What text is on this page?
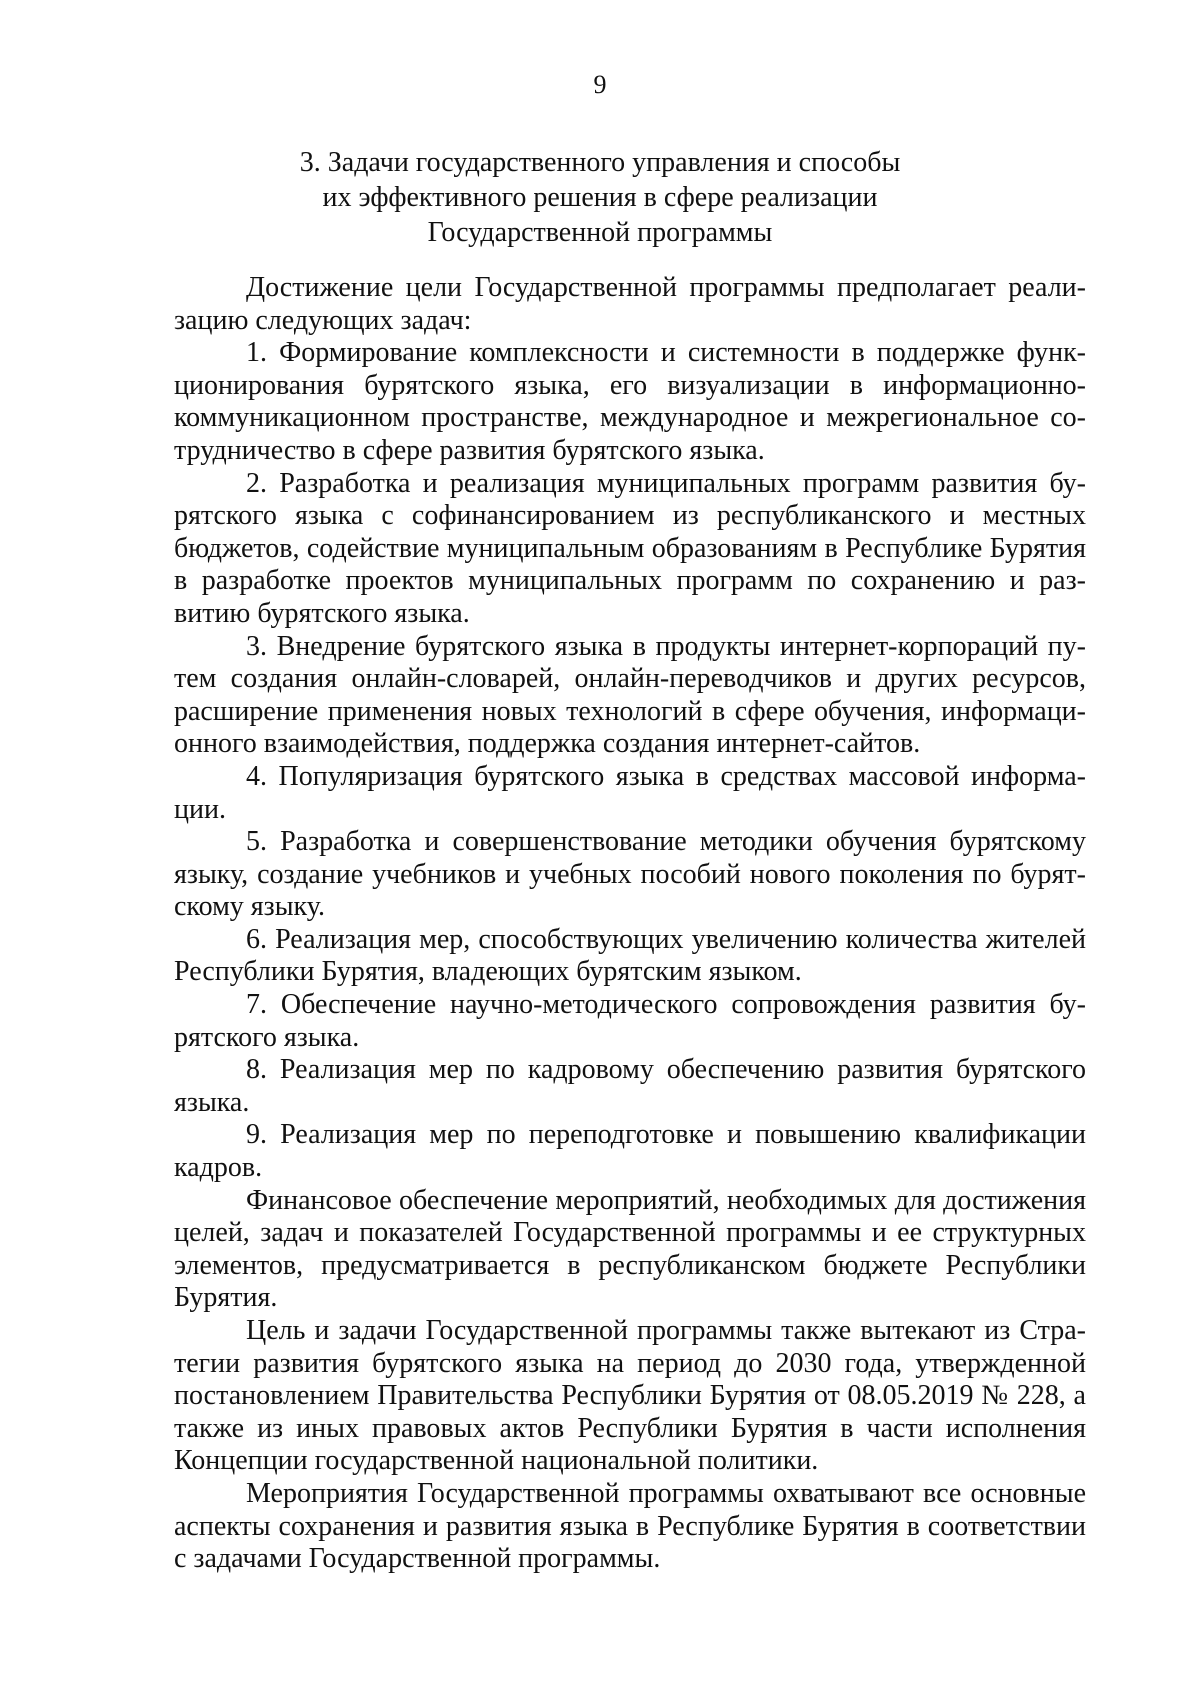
9
3. Задачи государственного управления и способы
их эффективного решения в сфере реализации
Государственной программы

Достижение цели Государственной программы предполагает реализацию следующих задач:

1. Формирование комплексности и системности в поддержке функционирования бурятского языка, его визуализации в информационно-коммуникационном пространстве, международное и межрегиональное сотрудничество в сфере развития бурятского языка.

2. Разработка и реализация муниципальных программ развития бурятского языка с софинансированием из республиканского и местных бюджетов, содействие муниципальным образованиям в Республике Бурятия в разработке проектов муниципальных программ по сохранению и развитию бурятского языка.

3. Внедрение бурятского языка в продукты интернет-корпораций путем создания онлайн-словарей, онлайн-переводчиков и других ресурсов, расширение применения новых технологий в сфере обучения, информационного взаимодействия, поддержка создания интернет-сайтов.

4. Популяризация бурятского языка в средствах массовой информации.

5. Разработка и совершенствование методики обучения бурятскому языку, создание учебников и учебных пособий нового поколения по бурятскому языку.

6. Реализация мер, способствующих увеличению количества жителей Республики Бурятия, владеющих бурятским языком.

7. Обеспечение научно-методического сопровождения развития бурятского языка.

8. Реализация мер по кадровому обеспечению развития бурятского языка.

9. Реализация мер по переподготовке и повышению квалификации кадров.

Финансовое обеспечение мероприятий, необходимых для достижения целей, задач и показателей Государственной программы и ее структурных элементов, предусматривается в республиканском бюджете Республики Бурятия.

Цель и задачи Государственной программы также вытекают из Стратегии развития бурятского языка на период до 2030 года, утвержденной постановлением Правительства Республики Бурятия от 08.05.2019 № 228, а также из иных правовых актов Республики Бурятия в части исполнения Концепции государственной национальной политики.

Мероприятия Государственной программы охватывают все основные аспекты сохранения и развития языка в Республике Бурятия в соответствии с задачами Государственной программы.
